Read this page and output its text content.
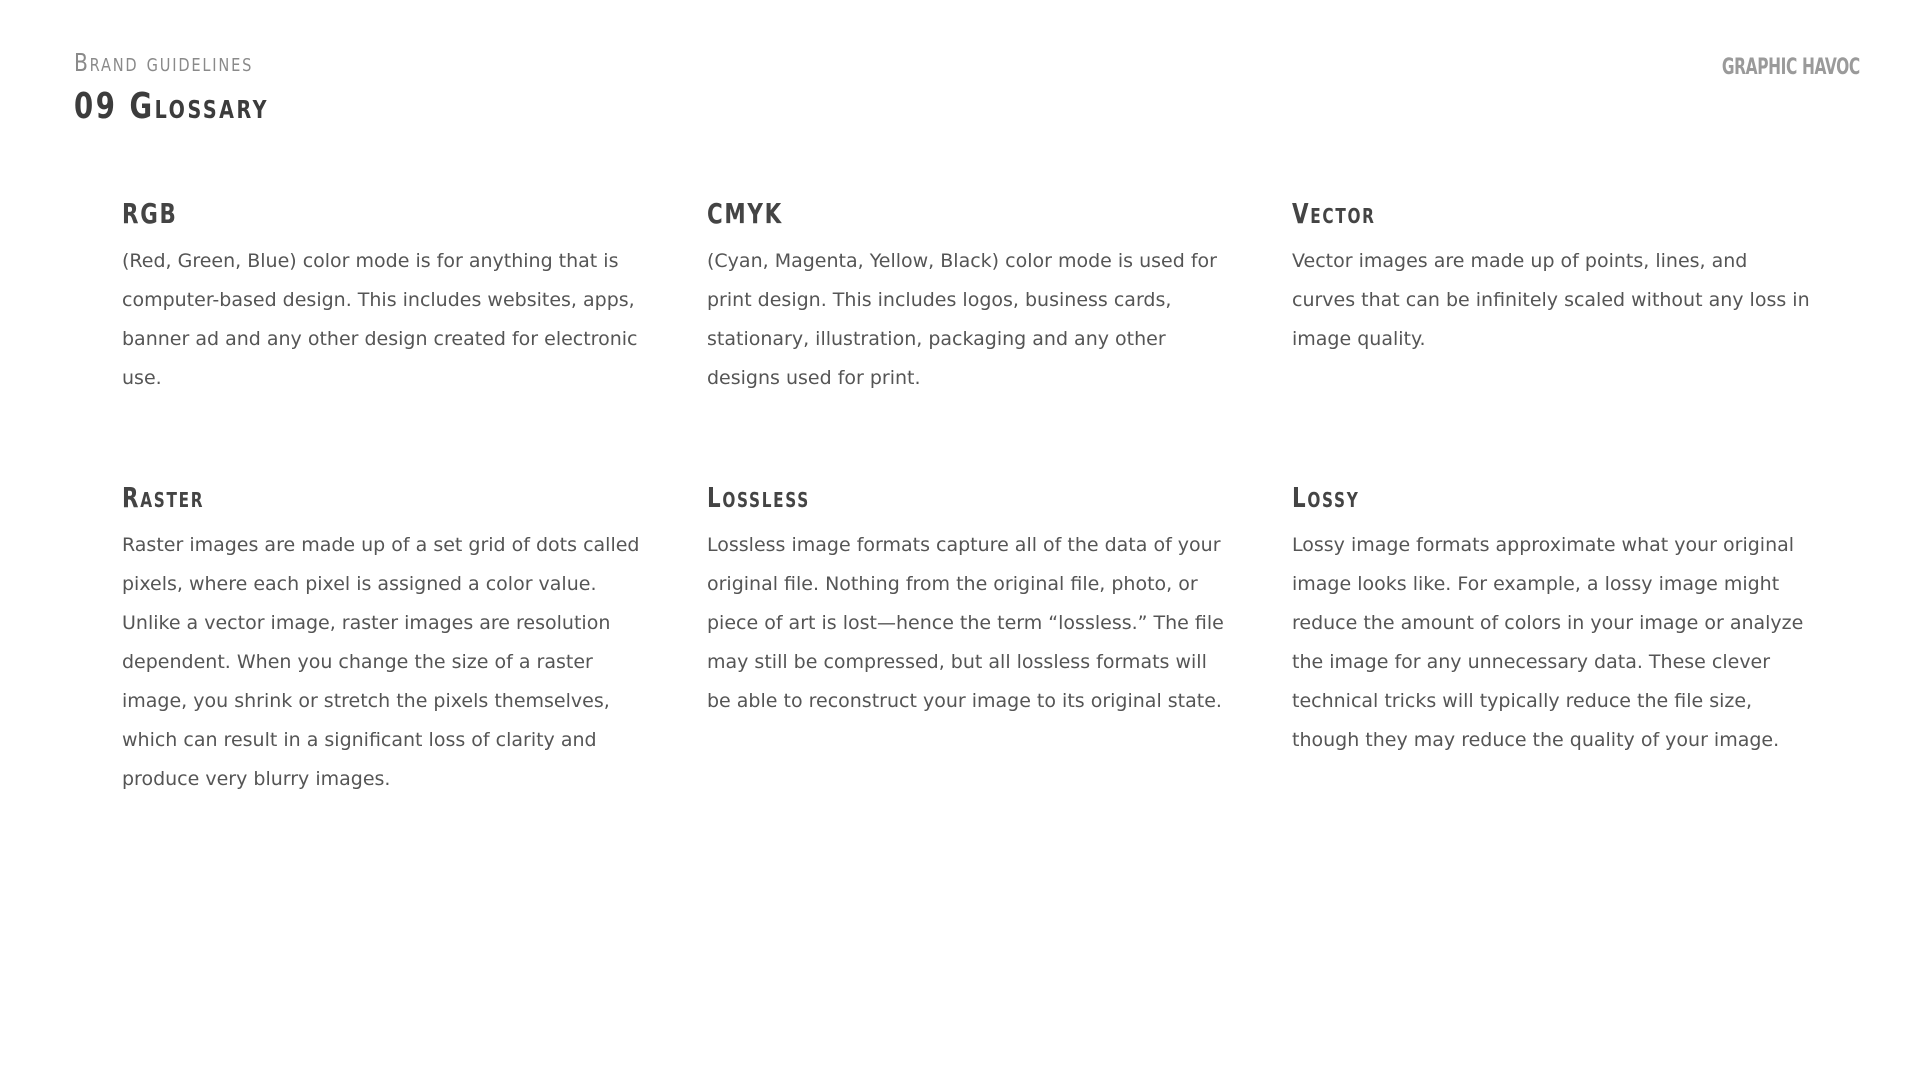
Brand guidelines
09 Glossary
GRAPHIC HAVOC
RGB

(Red, Green, Blue) color mode is for anything that is computer-based design. This includes websites, apps, banner ad and any other design created for electronic use.

CMYK

(Cyan, Magenta, Yellow, Black) color mode is used for print design. This includes logos, business cards, stationary, illustration, packaging and any other designs used for print.

Vector

Vector images are made up of points, lines, and curves that can be infinitely scaled without any loss in image quality.

Raster

Raster images are made up of a set grid of dots called pixels, where each pixel is assigned a color value. Unlike a vector image, raster images are resolution dependent. When you change the size of a raster image, you shrink or stretch the pixels themselves, which can result in a significant loss of clarity and produce very blurry images.

Lossless

Lossless image formats capture all of the data of your original file. Nothing from the original file, photo, or piece of art is lost—hence the term “lossless.” The file may still be compressed, but all lossless formats will be able to reconstruct your image to its original state.

Lossy

Lossy image formats approximate what your original image looks like. For example, a lossy image might reduce the amount of colors in your image or analyze the image for any unnecessary data. These clever technical tricks will typically reduce the file size, though they may reduce the quality of your image.
